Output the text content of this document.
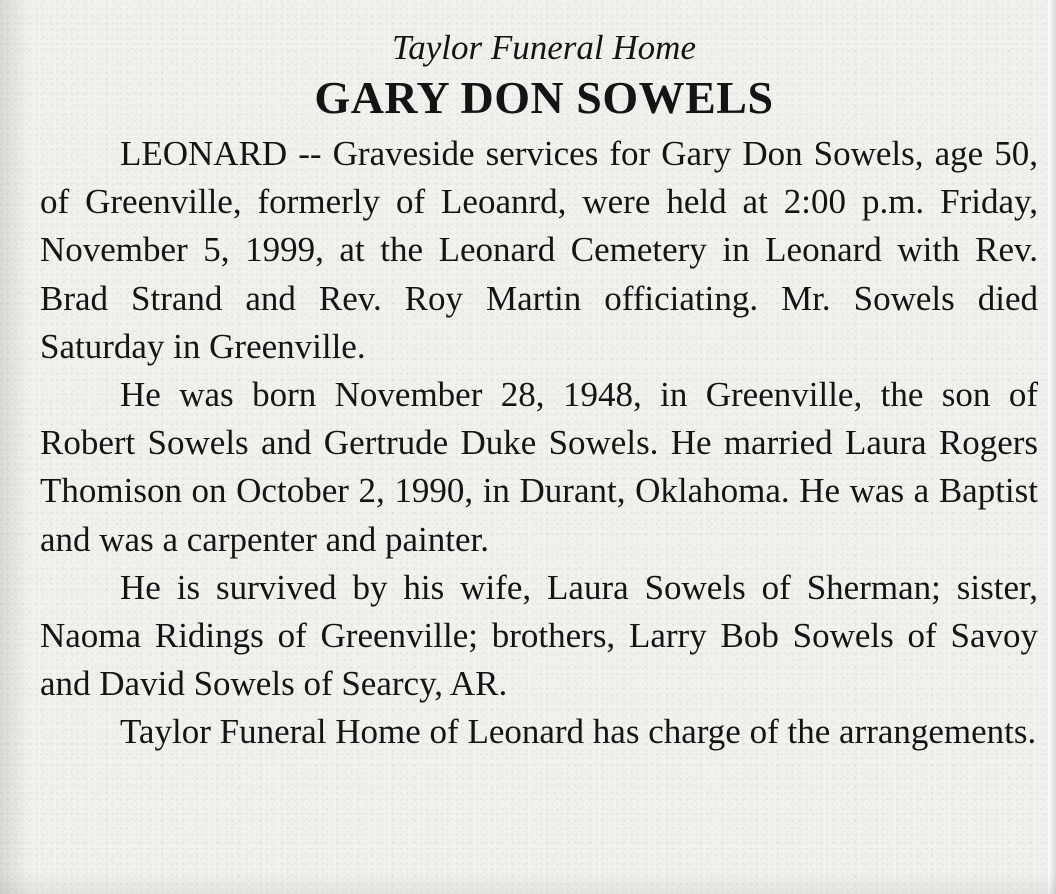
Taylor Funeral Home

GARY DON SOWELS

LEONARD -- Graveside services for Gary Don Sowels, age 50, of Greenville, formerly of Leoanrd, were held at 2:00 p.m. Friday, November 5, 1999, at the Leonard Cemetery in Leonard with Rev. Brad Strand and Rev. Roy Martin officiating. Mr. Sowels died Saturday in Greenville.

He was born November 28, 1948, in Greenville, the son of Robert Sowels and Gertrude Duke Sowels. He married Laura Rogers Thomison on October 2, 1990, in Durant, Oklahoma. He was a Baptist and was a carpenter and painter.

He is survived by his wife, Laura Sowels of Sherman; sister, Naoma Ridings of Greenville; brothers, Larry Bob Sowels of Savoy and David Sowels of Searcy, AR.

Taylor Funeral Home of Leonard has charge of the arrangements.
